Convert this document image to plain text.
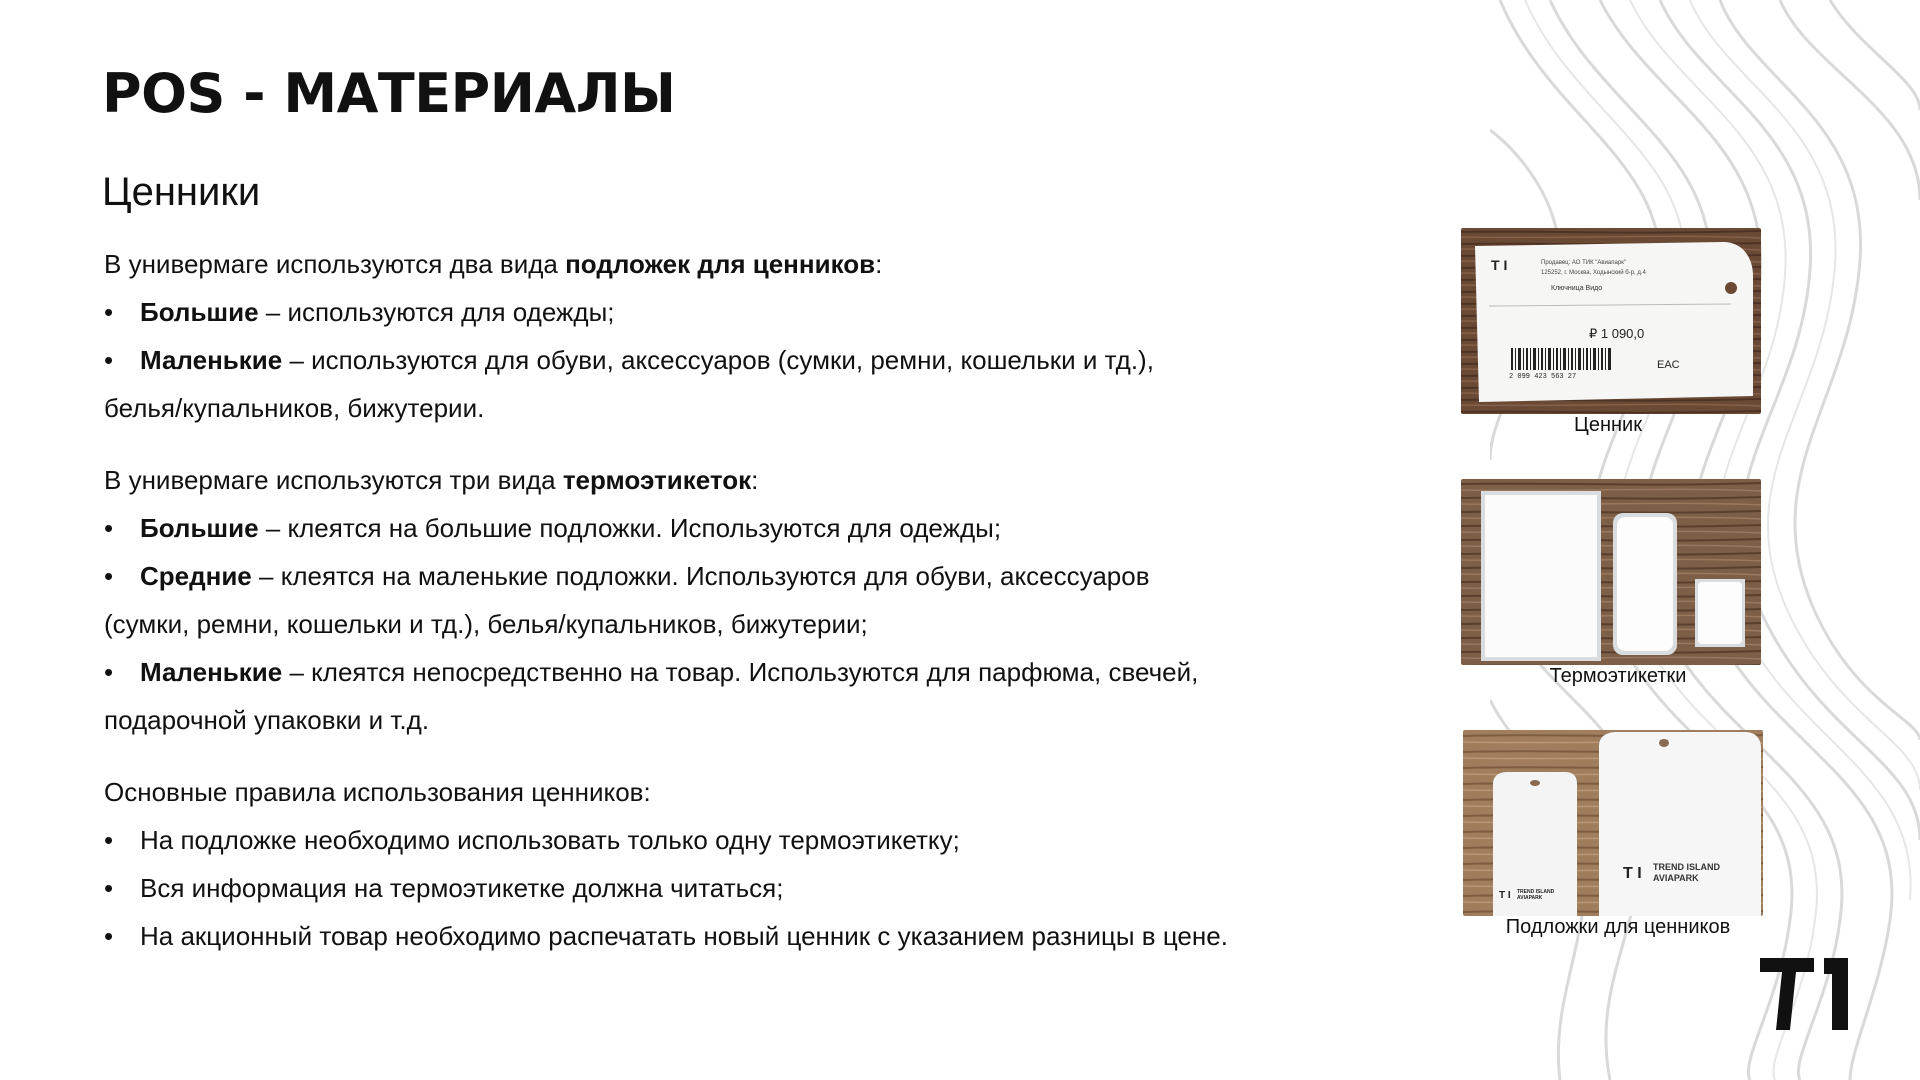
POS - МАТЕРИАЛЫ
Ценники

В универмаге используются два вида подложек для ценников:

•	Большие – используются для одежды;
•	Маленькие – используются для обуви, аксессуаров (сумки, ремни, кошельки и тд.),

белья/купальников, бижутерии.

В универмаге используются три вида термоэтикеток:

•	Большие – клеятся на большие подложки. Используются для одежды;
•	Средние – клеятся на маленькие подложки. Используются для обуви, аксессуаров

(сумки, ремни, кошельки и тд.), белья/купальников, бижутерии;

•	Маленькие – клеятся непосредственно на товар. Используются для парфюма, свечей,

подарочной упаковки и т.д.

Основные правила использования ценников:

•	На подложке необходимо использовать только одну термоэтикетку;
•	Вся информация на термоэтикетке должна читаться;
•	На акционный товар необходимо распечатать новый ценник с указанием разницы в цене.
T I	Продавец: АО ТИК "Авиапарк"
125252, г. Москва, Ходынский б-р, д.4
Ключница Видо
₽ 1 090,0
2 099 423 563 27
EAC
Ценник
Термоэтикетки
T I TREND ISLAND
AVIAPARK
T I TREND ISLAND
AVIAPARK
Подложки для ценников
